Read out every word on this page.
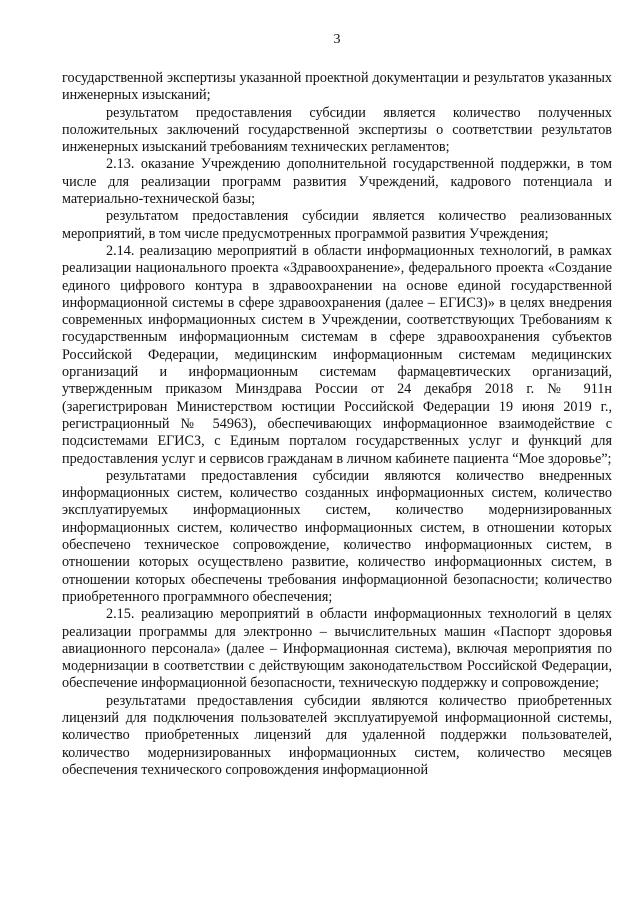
3

государственной экспертизы указанной проектной документации и результатов указанных инженерных изысканий;

результатом предоставления субсидии является количество полученных положительных заключений государственной экспертизы о соответствии результатов инженерных изысканий требованиям технических регламентов;

2.13. оказание Учреждению дополнительной государственной поддержки, в том числе для реализации программ развития Учреждений, кадрового потенциала и материально-технической базы;

результатом предоставления субсидии является количество реализованных мероприятий, в том числе предусмотренных программой развития Учреждения;

2.14. реализацию мероприятий в области информационных технологий, в рамках реализации национального проекта «Здравоохранение», федерального проекта «Создание единого цифрового контура в здравоохранении на основе единой государственной информационной системы в сфере здравоохранения (далее – ЕГИСЗ)» в целях внедрения современных информационных систем в Учреждении, соответствующих Требованиям к государственным информационным системам в сфере здравоохранения субъектов Российской Федерации, медицинским информационным системам медицинских организаций и информационным системам фармацевтических организаций, утвержденным приказом Минздрава России от 24 декабря 2018 г. № 911н (зарегистрирован Министерством юстиции Российской Федерации 19 июня 2019 г., регистрационный № 54963), обеспечивающих информационное взаимодействие с подсистемами ЕГИСЗ, с Единым порталом государственных услуг и функций для предоставления услуг и сервисов гражданам в личном кабинете пациента “Мое здоровье”;

результатами предоставления субсидии являются количество внедренных информационных систем, количество созданных информационных систем, количество эксплуатируемых информационных систем, количество модернизированных информационных систем, количество информационных систем, в отношении которых обеспечено техническое сопровождение, количество информационных систем, в отношении которых осуществлено развитие, количество информационных систем, в отношении которых обеспечены требования информационной безопасности; количество приобретенного программного обеспечения;

2.15. реализацию мероприятий в области информационных технологий в целях реализации программы для электронно – вычислительных машин «Паспорт здоровья авиационного персонала» (далее – Информационная система), включая мероприятия по модернизации в соответствии с действующим законодательством Российской Федерации, обеспечение информационной безопасности, техническую поддержку и сопровождение;

результатами предоставления субсидии являются количество приобретенных лицензий для подключения пользователей эксплуатируемой информационной системы, количество приобретенных лицензий для удаленной поддержки пользователей, количество модернизированных информационных систем, количество месяцев обеспечения технического сопровождения информационной
